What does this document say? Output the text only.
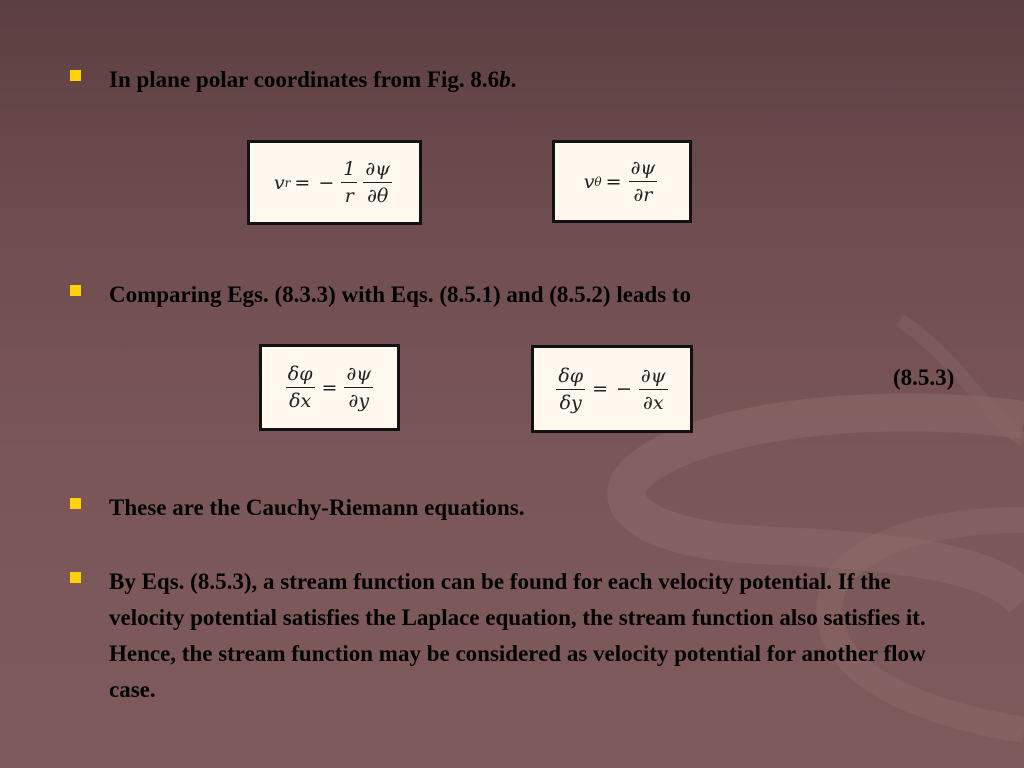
In plane polar coordinates from Fig. 8.6b.
v r = − $\frac{1}{r} \frac{\partial\psi}{\partial\theta}$	v $\theta = \frac{\partial\psi}{\partial r}$
Comparing Egs. (8.3.3) with Eqs. (8.5.1) and (8.5.2) leads to
$\frac{\delta\varphi}{\delta x} = \frac{\partial\psi}{\partial y}$	$\frac{\delta\varphi}{\delta y}$ = − $\frac{\partial\psi}{\partial x}$	(8.5.3)
These are the Cauchy-Riemann equations.
By Eqs. (8.5.3), a stream function can be found for each velocity potential. If the velocity potential satisfies the Laplace equation, the stream function also satisfies it. Hence, the stream function may be considered as velocity potential for another flow case.
